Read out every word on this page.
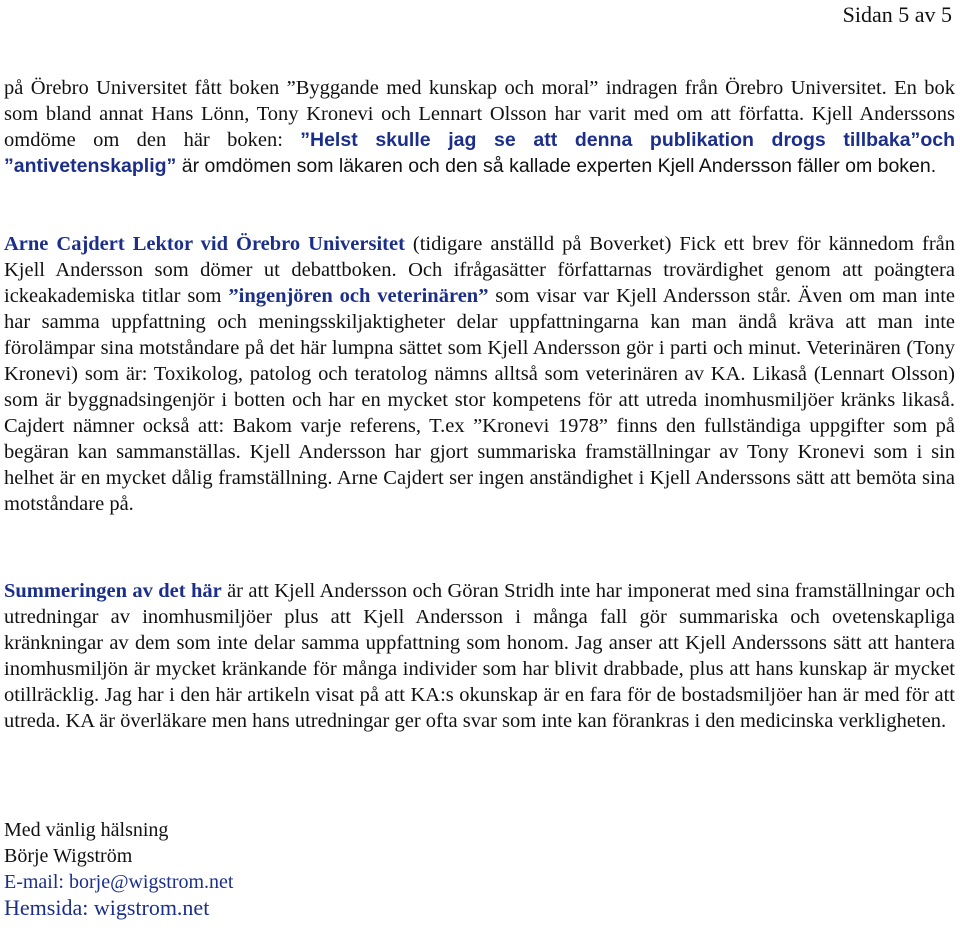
Sidan 5 av 5

på Örebro Universitet fått boken ”Byggande med kunskap och moral” indragen från Örebro Universitet. En bok som bland annat Hans Lönn, Tony Kronevi och Lennart Olsson har varit med om att författa. Kjell Anderssons omdöme om den här boken: ”Helst skulle jag se att denna publikation drogs tillbaka”och ”antivetenskaplig” är omdömen som läkaren och den så kallade experten Kjell Andersson fäller om boken.

Arne Cajdert Lektor vid Örebro Universitet (tidigare anställd på Boverket) Fick ett brev för kännedom från Kjell Andersson som dömer ut debattboken. Och ifrågasätter författarnas trovärdighet genom att poängtera ickeakademiska titlar som ”ingenjören och veterinären” som visar var Kjell Andersson står. Även om man inte har samma uppfattning och meningsskiljaktigheter delar uppfattningarna kan man ändå kräva att man inte förolämpar sina motståndare på det här lumpna sättet som Kjell Andersson gör i parti och minut. Veterinären (Tony Kronevi) som är: Toxikolog, patolog och teratolog nämns alltså som veterinären av KA. Likaså (Lennart Olsson) som är byggnadsingenjör i botten och har en mycket stor kompetens för att utreda inomhusmiljöer kränks likaså. Cajdert nämner också att: Bakom varje referens, T.ex ”Kronevi 1978” finns den fullständiga uppgifter som på begäran kan sammanställas. Kjell Andersson har gjort summariska framställningar av Tony Kronevi som i sin helhet är en mycket dålig framställning. Arne Cajdert ser ingen anständighet i Kjell Anderssons sätt att bemöta sina motståndare på.

Summeringen av det här är att Kjell Andersson och Göran Stridh inte har imponerat med sina framställningar och utredningar av inomhusmiljöer plus att Kjell Andersson i många fall gör summariska och ovetenskapliga kränkningar av dem som inte delar samma uppfattning som honom. Jag anser att Kjell Anderssons sätt att hantera inomhusmiljön är mycket kränkande för många individer som har blivit drabbade, plus att hans kunskap är mycket otillräcklig. Jag har i den här artikeln visat på att KA:s okunskap är en fara för de bostadsmiljöer han är med för att utreda. KA är överläkare men hans utredningar ger ofta svar som inte kan förankras i den medicinska verkligheten.

Med vänlig hälsning
Börje Wigström
E-mail: borje@wigstrom.net
Hemsida: wigstrom.net
